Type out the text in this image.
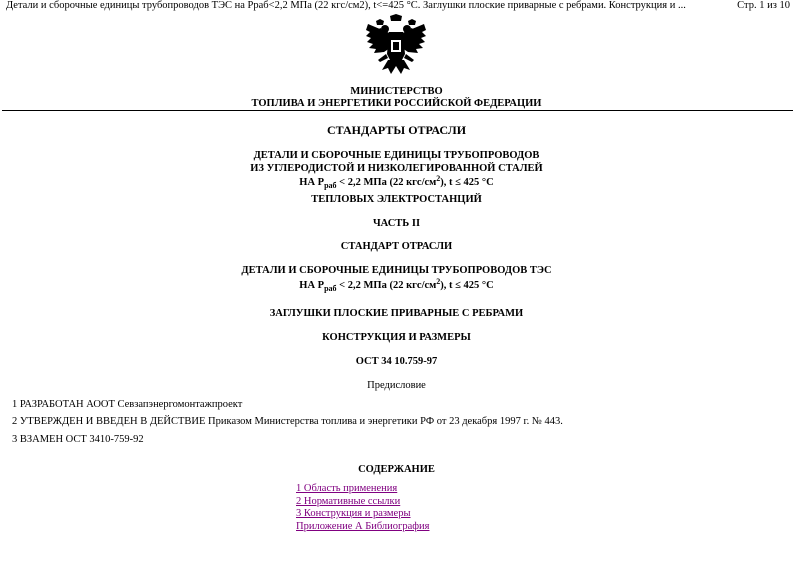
Детали и сборочные единицы трубопроводов ТЭС на Рраб<2,2 МПа (22 кгс/см2), t<=425 °С. Заглушки плоские приварные с ребрами. Конструкция и ...	Стр. 1 из 10
МИНИСТЕРСТВО
ТОПЛИВА И ЭНЕРГЕТИКИ РОССИЙСКОЙ ФЕДЕРАЦИИ
СТАНДАРТЫ ОТРАСЛИ
ДЕТАЛИ И СБОРОЧНЫЕ ЕДИНИЦЫ ТРУБОПРОВОДОВ
ИЗ УГЛЕРОДИСТОЙ И НИЗКОЛЕГИРОВАННОЙ СТАЛЕЙ
НА $Р_{раб} < 2,2$ МПа (22 кгс/$см^2$), t ≤ 425 °С
ТЕПЛОВЫХ ЭЛЕКТРОСТАНЦИЙ
ЧАСТЬ II
СТАНДАРТ ОТРАСЛИ
ДЕТАЛИ И СБОРОЧНЫЕ ЕДИНИЦЫ ТРУБОПРОВОДОВ ТЭС
НА $Р_{раб} < 2,2$ МПа (22 кгс/$см^2$), t ≤ 425 °С
ЗАГЛУШКИ ПЛОСКИЕ ПРИВАРНЫЕ С РЕБРАМИ
КОНСТРУКЦИЯ И РАЗМЕРЫ
ОСТ 34 10.759-97
Предисловие
1 РАЗРАБОТАН АООТ Севзапэнергомонтажпроект
2 УТВЕРЖДЕН И ВВЕДЕН В ДЕЙСТВИЕ Приказом Министерства топлива и энергетики РФ от 23 декабря 1997 г. № 443.
3 ВЗАМЕН ОСТ 3410-759-92
СОДЕРЖАНИЕ
1 Область применения
2 Нормативные ссылки
3 Конструкция и размеры
Приложение А Библиография
